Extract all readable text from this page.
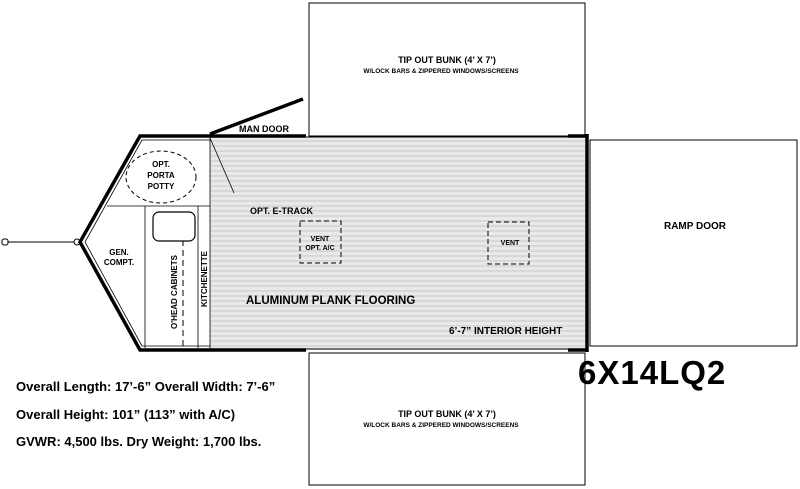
TIP OUT BUNK (4’ X 7’)
W/LOCK BARS & ZIPPERED WINDOWS/SCREENS
TIP OUT BUNK (4’ X 7’)
W/LOCK BARS & ZIPPERED WINDOWS/SCREENS
RAMP DOOR
OPT.
PORTA
POTTY
GEN.
COMPT.	O'HEAD CABINETS	KITCHENETTE
MAN DOOR
OPT. E-TRACK
VENT
OPT. A/C
VENT
ALUMINUM PLANK FLOORING
6’-7” INTERIOR HEIGHT
6X14LQ2
Overall Length: 17’-6” Overall Width: 7’-6”
Overall Height: 101” (113” with A/C)
GVWR: 4,500 lbs. Dry Weight: 1,700 lbs.
